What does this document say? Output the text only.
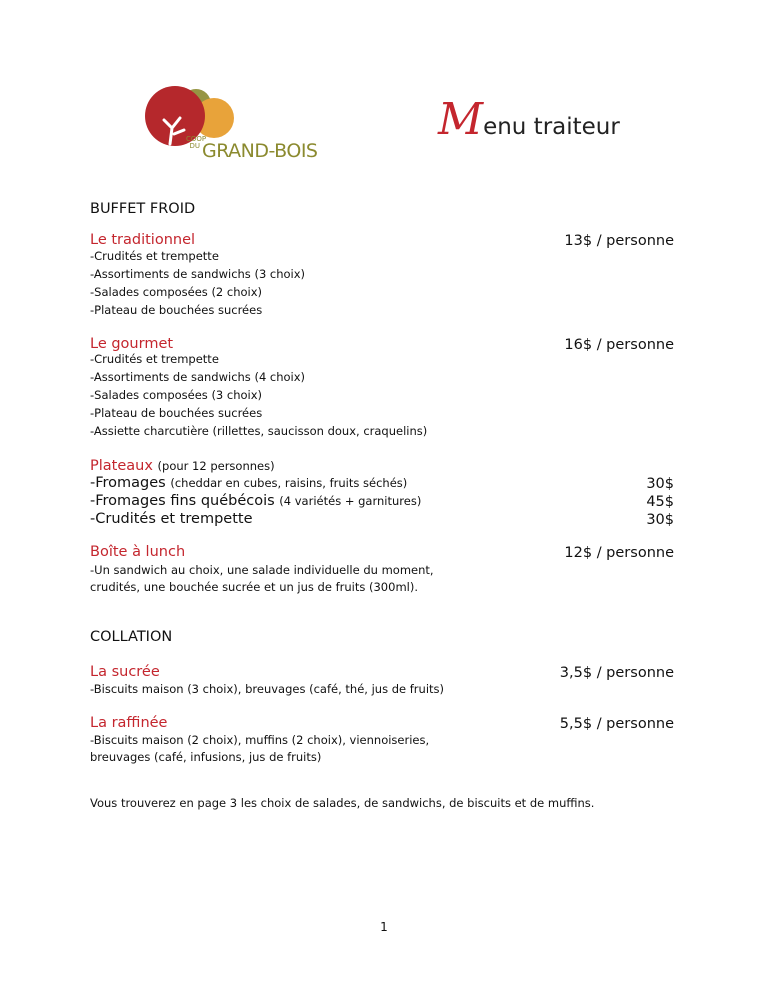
COOP
DU GRAND-BOIS
Menu traiteur
BUFFET FROID
Le traditionnel	13$ / personne
-Crudités et trempette
-Assortiments de sandwichs (3 choix)
-Salades composées (2 choix)
-Plateau de bouchées sucrées
Le gourmet	16$ / personne
-Crudités et trempette
-Assortiments de sandwichs (4 choix)
-Salades composées (3 choix)
-Plateau de bouchées sucrées
-Assiette charcutière (rillettes, saucisson doux, craquelins)
Plateaux (pour 12 personnes)
-Fromages (cheddar en cubes, raisins, fruits séchés)	30$
-Fromages fins québécois (4 variétés + garnitures)	45$
-Crudités et trempette	30$
Boîte à lunch	12$ / personne
-Un sandwich au choix, une salade individuelle du moment,
crudités, une bouchée sucrée et un jus de fruits (300ml).
COLLATION
La sucrée	3,5$ / personne
-Biscuits maison (3 choix), breuvages (café, thé, jus de fruits)
La raffinée	5,5$ / personne
-Biscuits maison (2 choix), muffins (2 choix), viennoiseries,
breuvages (café, infusions, jus de fruits)
Vous trouverez en page 3 les choix de salades, de sandwichs, de biscuits et de muffins.
1
